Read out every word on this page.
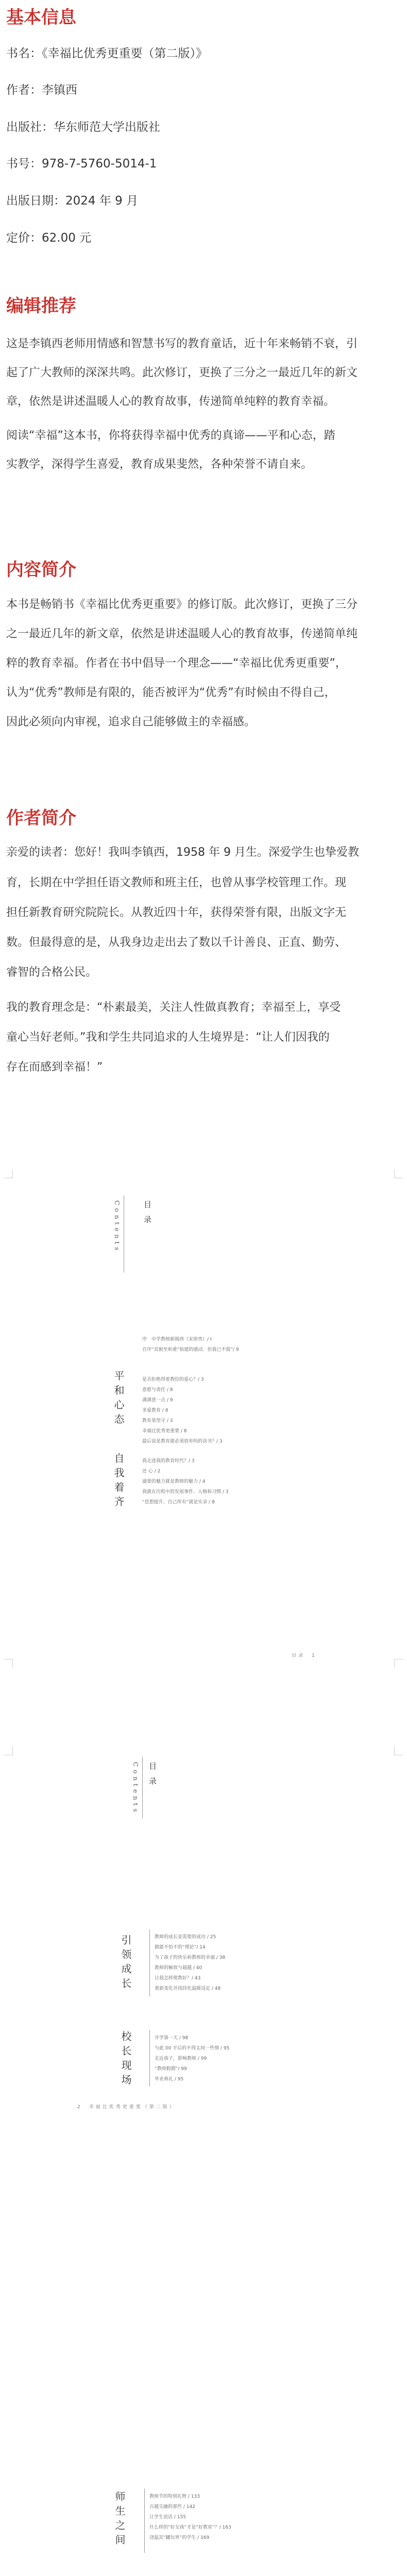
基本信息

书名：《幸福比优秀更重要（第二版）》

作者：李镇西

出版社：华东师范大学出版社

书号：978-7-5760-5014-1

出版日期：2024 年 9 月

定价：62.00 元

编辑推荐

这是李镇西老师用情感和智慧书写的教育童话，近十年来畅销不衰，引

起了广大教师的深深共鸣。此次修订，更换了三分之一最近几年的新文

章，依然是讲述温暖人心的教育故事，传递简单纯粹的教育幸福。

阅读“幸福”这本书，你将获得幸福中优秀的真谛——平和心态，踏

实教学，深得学生喜爱，教育成果斐然，各种荣誉不请自来。

内容简介

本书是畅销书《幸福比优秀更重要》的修订版。此次修订，更换了三分

之一最近几年的新文章，依然是讲述温暖人心的教育故事，传递简单纯

粹的教育幸福。作者在书中倡导一个理念——“幸福比优秀更重要”，

认为“优秀”教师是有限的，能否被评为“优秀”有时候由不得自己，

因此必须向内审视，追求自己能够做主的幸福感。

作者简介

亲爱的读者：您好！我叫李镇西，1958 年 9 月生。深爱学生也挚爱教

育，长期在中学担任语文教师和班主任，也曾从事学校管理工作。现

担任新教育研究院院长。从教近四十年，获得荣誉有限，出版文字无

数。但最得意的是，从我身边走出去了数以千计善良、正直、勤劳、

睿智的合格公民。

我的教育理念是：“朴素最美，关注人性做真教育；幸福至上，享受

童心当好老师。”我和学生共同追求的人生境界是：“让人们因我的

存在而感到幸福！”

Contents	目录
序　中学教师新揭西（宋徐贵）/ I
自序“其貌至和重”始建的感动、但我已不值”/ 9
平和心态	是否拒绝得着教给的爱心？/ 3
意愿与责任 / 8
满满意一点 / 9
多爱教育 / 8
教育基坚守 / 3
幸福比优秀更重要 / 8
最后说是教育就必须放弃吗的读书？/ 3
自我着齐	我走进我的教育时代？/ 3
还 心 / 2
通要的魅力就是教师的魅力 / 4
我就在历程中的发展事件、人格和习惯 / 3
“思想提升、自己所有”就是实录 / 8
目录　1
Contents 目录
引领成长	教师的成长是需要的成功 / 25
做能不怕不的“理论”/ 14
为了孩子的快乐和教师的幸福 / 38
教师的解放与超越 / 40
让我怎样使教好？/ 43
重新变化并找持化温暖设定 / 48
校长现场	开学第一天 / 98
与此 00 平后的不得太同一些情 / 95
走近孩子，影响教师 / 99
“教师假期”/ 99
毕业典礼 / 95
2　幸福比优秀更重要（第二版）
师生之间	教师节的特别礼物 / 133
百越交融的那些 / 142
让学生说话 / 155
什么样的“好女孩”才是“好教育”？/ 163
浇温其“罐玩界”的学生 / 169
